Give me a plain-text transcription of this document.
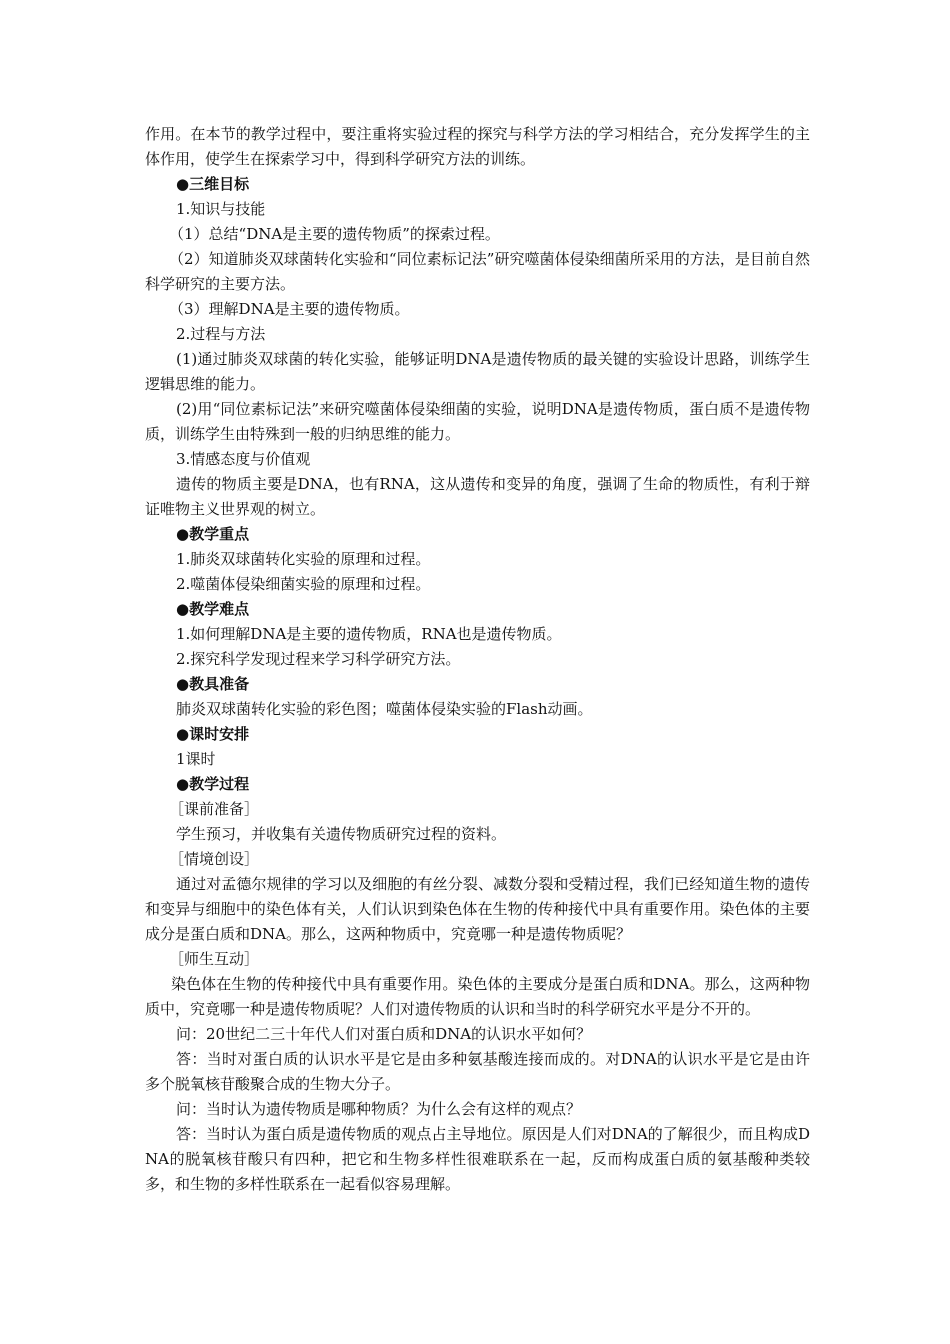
作用。在本节的教学过程中，要注重将实验过程的探究与科学方法的学习相结合，充分发挥学生的主体作用，使学生在探索学习中，得到科学研究方法的训练。

●三维目标

1.知识与技能

（1）总结“DNA是主要的遗传物质”的探索过程。

（2）知道肺炎双球菌转化实验和“同位素标记法”研究噬菌体侵染细菌所采用的方法，是目前自然科学研究的主要方法。

（3）理解DNA是主要的遗传物质。

2.过程与方法

(1)通过肺炎双球菌的转化实验，能够证明DNA是遗传物质的最关键的实验设计思路，训练学生逻辑思维的能力。

(2)用“同位素标记法”来研究噬菌体侵染细菌的实验，说明DNA是遗传物质，蛋白质不是遗传物质，训练学生由特殊到一般的归纳思维的能力。

3.情感态度与价值观

遗传的物质主要是DNA，也有RNA，这从遗传和变异的角度，强调了生命的物质性，有利于辩证唯物主义世界观的树立。

●教学重点

1.肺炎双球菌转化实验的原理和过程。

2.噬菌体侵染细菌实验的原理和过程。

●教学难点

1.如何理解DNA是主要的遗传物质，RNA也是遗传物质。

2.探究科学发现过程来学习科学研究方法。

●教具准备

肺炎双球菌转化实验的彩色图；噬菌体侵染实验的Flash动画。

●课时安排

1课时

●教学过程

［课前准备］

学生预习，并收集有关遗传物质研究过程的资料。

［情境创设］

通过对孟德尔规律的学习以及细胞的有丝分裂、减数分裂和受精过程，我们已经知道生物的遗传和变异与细胞中的染色体有关，人们认识到染色体在生物的传种接代中具有重要作用。染色体的主要成分是蛋白质和DNA。那么，这两种物质中，究竟哪一种是遗传物质呢？

［师生互动］

染色体在生物的传种接代中具有重要作用。染色体的主要成分是蛋白质和DNA。那么，这两种物质中，究竟哪一种是遗传物质呢？人们对遗传物质的认识和当时的科学研究水平是分不开的。

问：20世纪二三十年代人们对蛋白质和DNA的认识水平如何？

答：当时对蛋白质的认识水平是它是由多种氨基酸连接而成的。对DNA的认识水平是它是由许多个脱氧核苷酸聚合成的生物大分子。

问：当时认为遗传物质是哪种物质？为什么会有这样的观点？

答：当时认为蛋白质是遗传物质的观点占主导地位。原因是人们对DNA的了解很少，而且构成DNA的脱氧核苷酸只有四种，把它和生物多样性很难联系在一起，反而构成蛋白质的氨基酸种类较多，和生物的多样性联系在一起看似容易理解。
